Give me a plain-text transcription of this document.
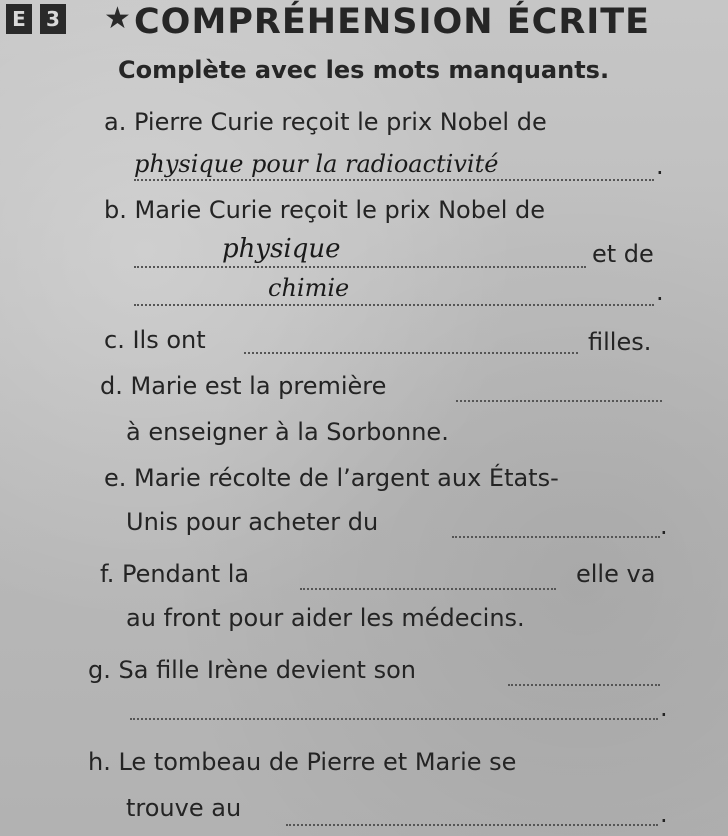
E	3 ★ COMPRÉHENSION ÉCRITE
Complète avec les mots manquants.
a. Pierre Curie reçoit le prix Nobel de
physique pour la radioactivité	.
b. Marie Curie reçoit le prix Nobel de
physique	et de
chimie	.
c. Ils ont	filles.
d. Marie est la première
à enseigner à la Sorbonne.
e. Marie récolte de l’argent aux États-
Unis pour acheter du	.
f. Pendant la	elle va
au front pour aider les médecins.
g. Sa fille Irène devient son
.
h. Le tombeau de Pierre et Marie se
trouve au	.
